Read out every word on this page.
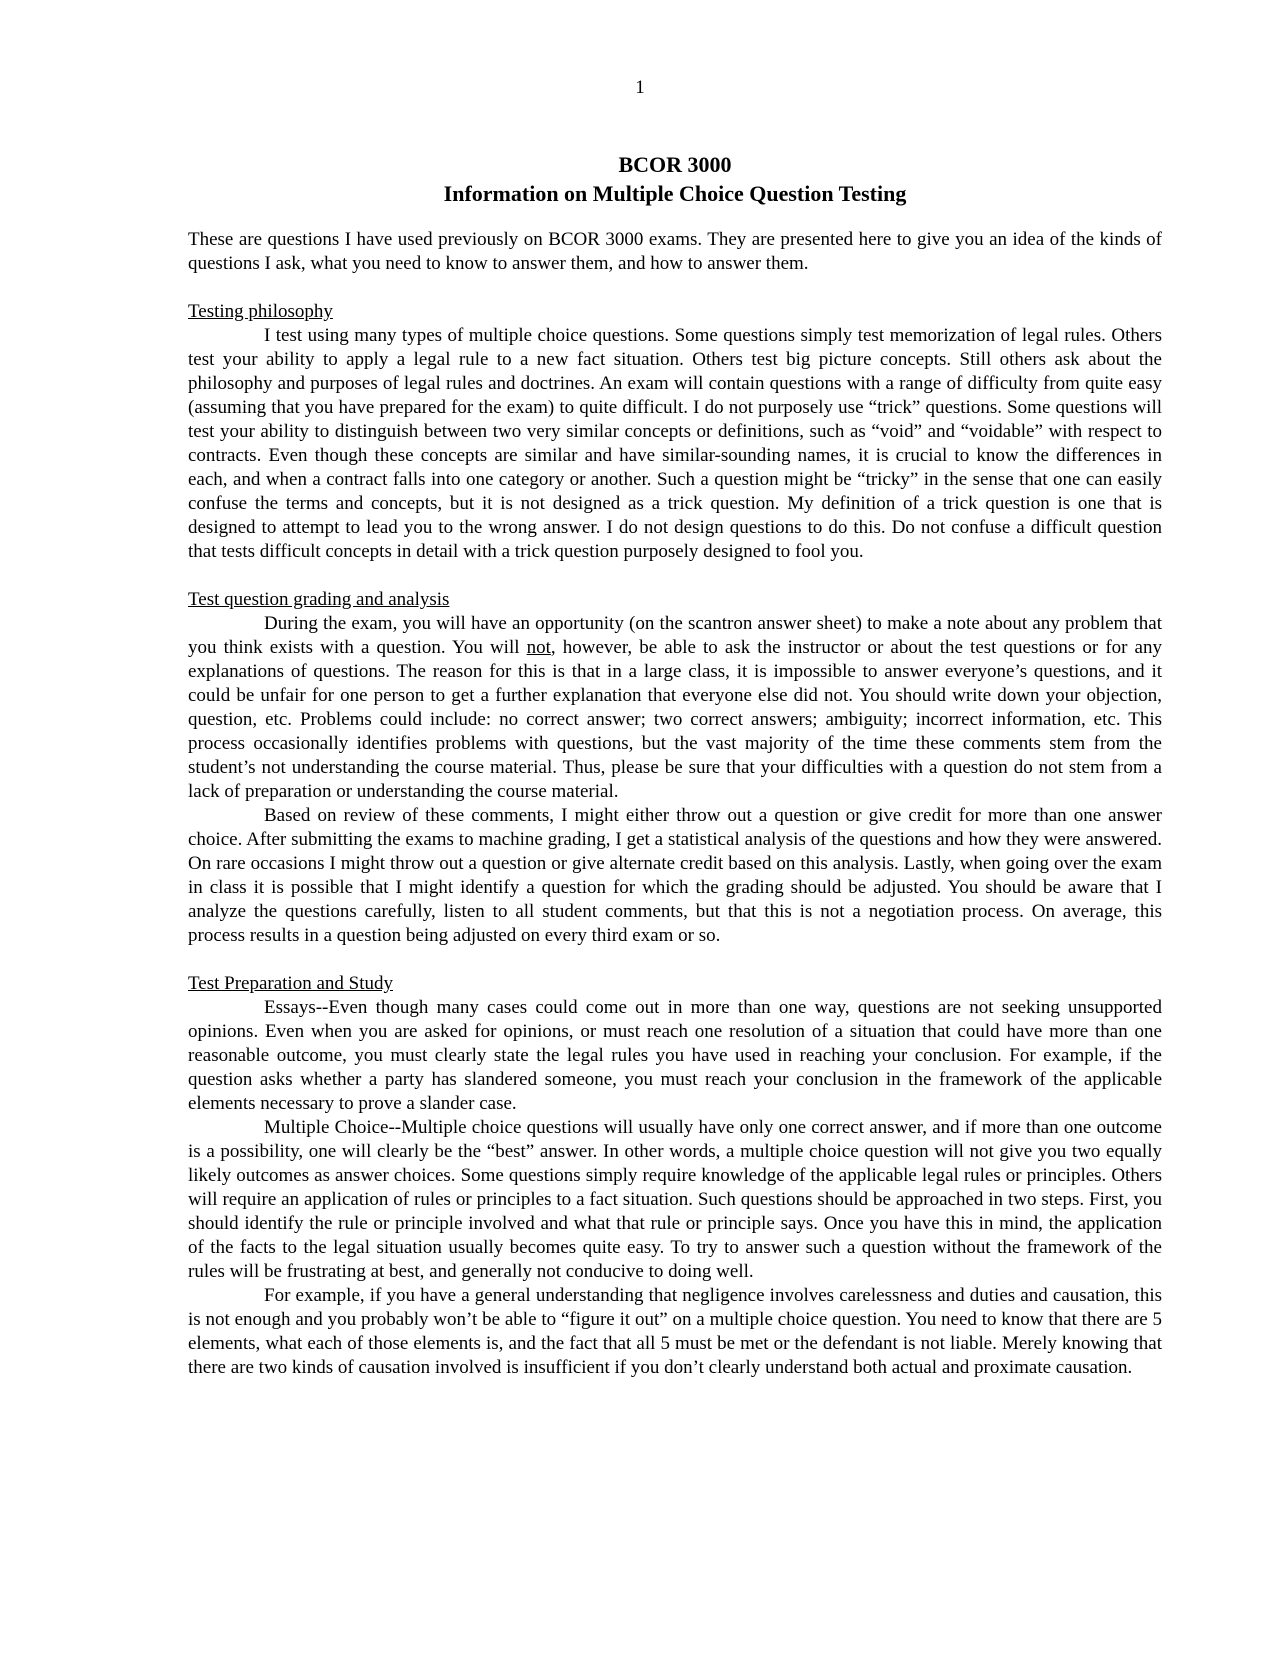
1

BCOR 3000

Information on Multiple Choice Question Testing

These are questions I have used previously on BCOR 3000 exams. They are presented here to give you an idea of the kinds of questions I ask, what you need to know to answer them, and how to answer them.

Testing philosophy

I test using many types of multiple choice questions. Some questions simply test memorization of legal rules. Others test your ability to apply a legal rule to a new fact situation. Others test big picture concepts. Still others ask about the philosophy and purposes of legal rules and doctrines. An exam will contain questions with a range of difficulty from quite easy (assuming that you have prepared for the exam) to quite difficult. I do not purposely use “trick” questions. Some questions will test your ability to distinguish between two very similar concepts or definitions, such as “void” and “voidable” with respect to contracts. Even though these concepts are similar and have similar-sounding names, it is crucial to know the differences in each, and when a contract falls into one category or another. Such a question might be “tricky” in the sense that one can easily confuse the terms and concepts, but it is not designed as a trick question. My definition of a trick question is one that is designed to attempt to lead you to the wrong answer. I do not design questions to do this. Do not confuse a difficult question that tests difficult concepts in detail with a trick question purposely designed to fool you.

Test question grading and analysis

During the exam, you will have an opportunity (on the scantron answer sheet) to make a note about any problem that you think exists with a question. You will not, however, be able to ask the instructor or about the test questions or for any explanations of questions. The reason for this is that in a large class, it is impossible to answer everyone’s questions, and it could be unfair for one person to get a further explanation that everyone else did not. You should write down your objection, question, etc. Problems could include: no correct answer; two correct answers; ambiguity; incorrect information, etc. This process occasionally identifies problems with questions, but the vast majority of the time these comments stem from the student’s not understanding the course material. Thus, please be sure that your difficulties with a question do not stem from a lack of preparation or understanding the course material.

Based on review of these comments, I might either throw out a question or give credit for more than one answer choice. After submitting the exams to machine grading, I get a statistical analysis of the questions and how they were answered. On rare occasions I might throw out a question or give alternate credit based on this analysis. Lastly, when going over the exam in class it is possible that I might identify a question for which the grading should be adjusted. You should be aware that I analyze the questions carefully, listen to all student comments, but that this is not a negotiation process. On average, this process results in a question being adjusted on every third exam or so.

Test Preparation and Study

Essays--Even though many cases could come out in more than one way, questions are not seeking unsupported opinions. Even when you are asked for opinions, or must reach one resolution of a situation that could have more than one reasonable outcome, you must clearly state the legal rules you have used in reaching your conclusion. For example, if the question asks whether a party has slandered someone, you must reach your conclusion in the framework of the applicable elements necessary to prove a slander case.

Multiple Choice--Multiple choice questions will usually have only one correct answer, and if more than one outcome is a possibility, one will clearly be the “best” answer. In other words, a multiple choice question will not give you two equally likely outcomes as answer choices. Some questions simply require knowledge of the applicable legal rules or principles. Others will require an application of rules or principles to a fact situation. Such questions should be approached in two steps. First, you should identify the rule or principle involved and what that rule or principle says. Once you have this in mind, the application of the facts to the legal situation usually becomes quite easy. To try to answer such a question without the framework of the rules will be frustrating at best, and generally not conducive to doing well.

For example, if you have a general understanding that negligence involves carelessness and duties and causation, this is not enough and you probably won’t be able to “figure it out” on a multiple choice question. You need to know that there are 5 elements, what each of those elements is, and the fact that all 5 must be met or the defendant is not liable. Merely knowing that there are two kinds of causation involved is insufficient if you don’t clearly understand both actual and proximate causation.
